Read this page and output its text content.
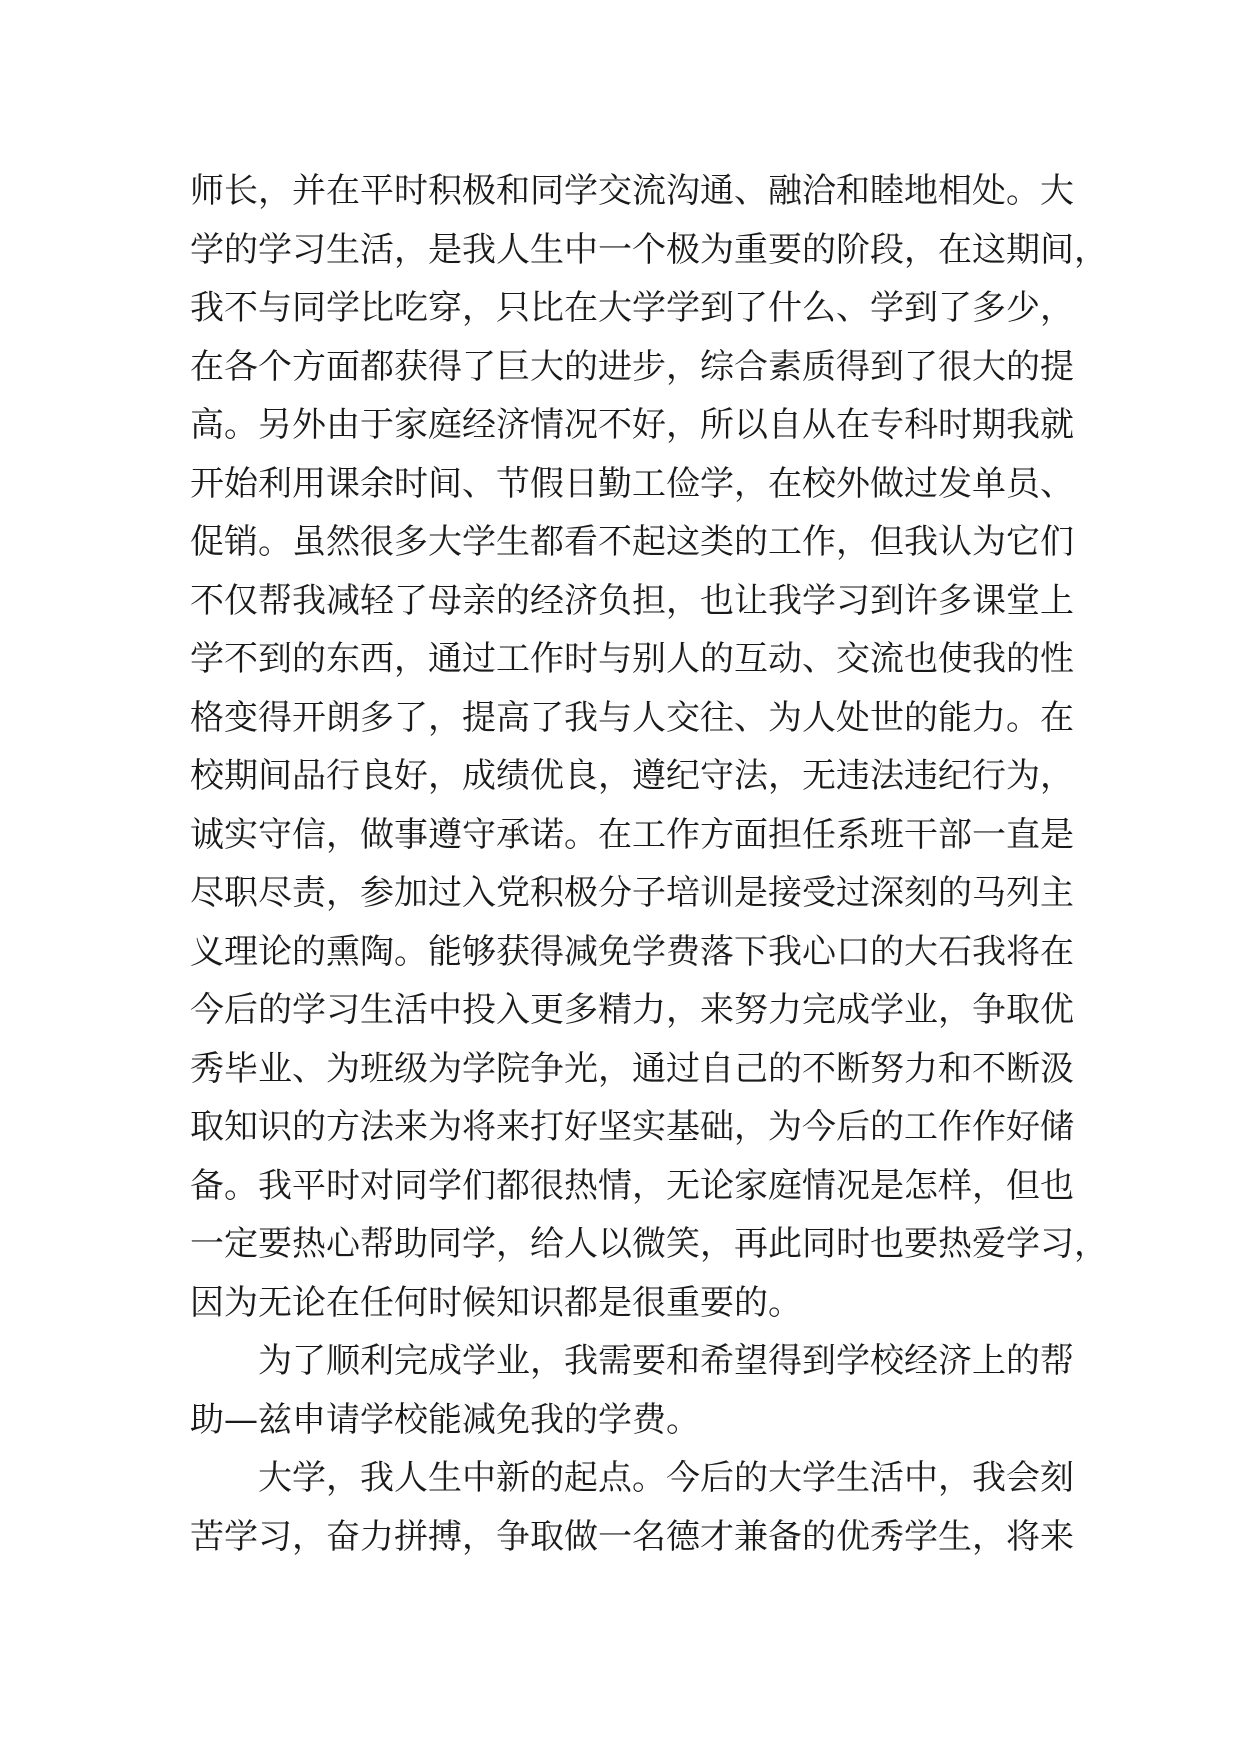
师长，并在平时积极和同学交流沟通、融洽和睦地相处。大
学的学习生活，是我人生中一个极为重要的阶段，在这期间，
我不与同学比吃穿，只比在大学学到了什么、学到了多少，
在各个方面都获得了巨大的进步，综合素质得到了很大的提
高。另外由于家庭经济情况不好，所以自从在专科时期我就
开始利用课余时间、节假日勤工俭学，在校外做过发单员、
促销。虽然很多大学生都看不起这类的工作，但我认为它们
不仅帮我减轻了母亲的经济负担，也让我学习到许多课堂上
学不到的东西，通过工作时与别人的互动、交流也使我的性
格变得开朗多了，提高了我与人交往、为人处世的能力。在
校期间品行良好，成绩优良，遵纪守法，无违法违纪行为，
诚实守信，做事遵守承诺。在工作方面担任系班干部一直是
尽职尽责，参加过入党积极分子培训是接受过深刻的马列主
义理论的熏陶。能够获得减免学费落下我心口的大石我将在
今后的学习生活中投入更多精力，来努力完成学业，争取优
秀毕业、为班级为学院争光，通过自己的不断努力和不断汲
取知识的方法来为将来打好坚实基础，为今后的工作作好储
备。我平时对同学们都很热情，无论家庭情况是怎样，但也
一定要热心帮助同学，给人以微笑，再此同时也要热爱学习，
因为无论在任何时候知识都是很重要的。
为了顺利完成学业，我需要和希望得到学校经济上的帮
助—兹申请学校能减免我的学费。
大学，我人生中新的起点。今后的大学生活中，我会刻
苦学习，奋力拼搏，争取做一名德才兼备的优秀学生，将来
